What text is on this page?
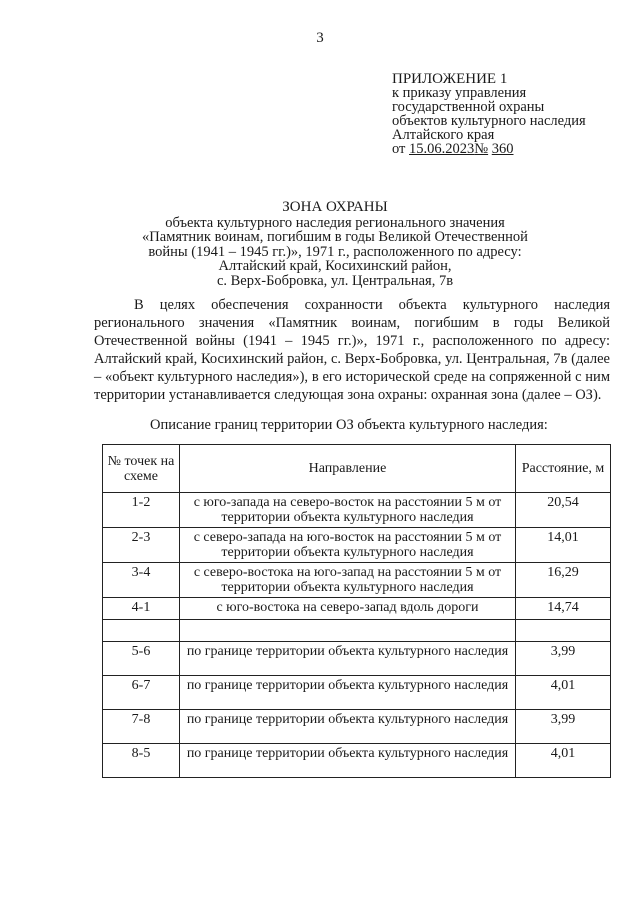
3
ПРИЛОЖЕНИЕ 1
к приказу управления
государственной охраны
объектов культурного наследия
Алтайского края
от 15.06.2023№ 360
ЗОНА ОХРАНЫ
объекта культурного наследия регионального значения
«Памятник воинам, погибшим в годы Великой Отечественной
войны (1941 – 1945 гг.)», 1971 г., расположенного по адресу:
Алтайский край, Косихинский район,
с. Верх-Бобровка, ул. Центральная, 7в
В целях обеспечения сохранности объекта культурного наследия регионального значения «Памятник воинам, погибшим в годы Великой Отечественной войны (1941 – 1945 гг.)», 1971 г., расположенного по адресу: Алтайский край, Косихинский район, с. Верх-Бобровка, ул. Центральная, 7в (далее – «объект культурного наследия»), в его исторической среде на сопряженной с ним территории устанавливается следующая зона охраны: охранная зона (далее – ОЗ).
Описание границ территории ОЗ объекта культурного наследия:
№ точек на схеме	Направление	Расстояние, м
1-2	с юго-запада на северо-восток на расстоянии 5 м от территории объекта культурного наследия	20,54
2-3	с северо-запада на юго-восток на расстоянии 5 м от территории объекта культурного наследия	14,01
3-4	с северо-востока на юго-запад на расстоянии 5 м от территории объекта культурного наследия	16,29
4-1	с юго-востока на северо-запад вдоль дороги	14,74

5-6	по границе территории объекта культурного наследия	3,99
6-7	по границе территории объекта культурного наследия	4,01
7-8	по границе территории объекта культурного наследия	3,99
8-5	по границе территории объекта культурного наследия	4,01
